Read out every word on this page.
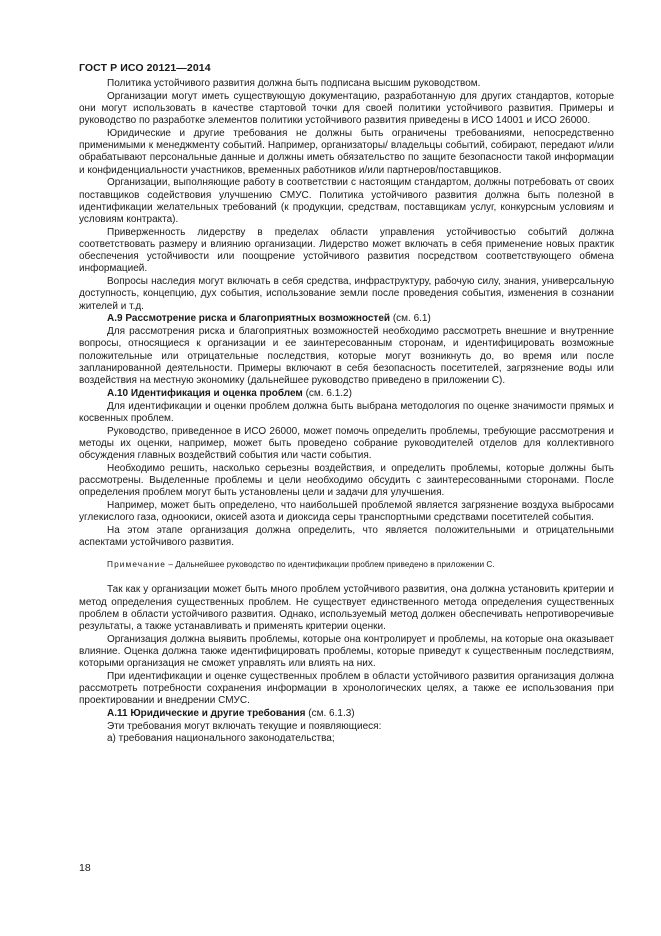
ГОСТ Р ИСО 20121—2014

Политика устойчивого развития должна быть подписана высшим руководством.

Организации могут иметь существующую документацию, разработанную для других стандартов, которые они могут использовать в качестве стартовой точки для своей политики устойчивого развития. Примеры и руководство по разработке элементов политики устойчивого развития приведены в ИСО 14001 и ИСО 26000.

Юридические и другие требования не должны быть ограничены требованиями, непосредственно применимыми к менеджменту событий. Например, организаторы/ владельцы событий, собирают, передают и/или обрабатывают персональные данные и должны иметь обязательство по защите безопасности такой информации и конфиденциальности участников, временных работников и/или партнеров/поставщиков.

Организации, выполняющие работу в соответствии с настоящим стандартом, должны потребовать от своих поставщиков содействовия улучшению СМУС. Политика устойчивого развития должна быть полезной в идентификации желательных требований (к продукции, средствам, поставщикам услуг, конкурсным условиям и условиям контракта).

Приверженность лидерству в пределах области управления устойчивостью событий должна соответствовать размеру и влиянию организации. Лидерство может включать в себя применение новых практик обеспечения устойчивости или поощрение устойчивого развития посредством соответствующего обмена информацией.

Вопросы наследия могут включать в себя средства, инфраструктуру, рабочую силу, знания, универсальную доступность, концепцию, дух события, использование земли после проведения события, изменения в сознании жителей и т.д.

А.9 Рассмотрение риска и благоприятных возможностей (см. 6.1)

Для рассмотрения риска и благоприятных возможностей необходимо рассмотреть внешние и внутренние вопросы, относящиеся к организации и ее заинтересованным сторонам, и идентифицировать возможные положительные или отрицательные последствия, которые могут возникнуть до, во время или после запланированной деятельности. Примеры включают в себя безопасность посетителей, загрязнение воды или воздействия на местную экономику (дальнейшее руководство приведено в приложении С).

А.10 Идентификация и оценка проблем (см. 6.1.2)

Для идентификации и оценки проблем должна быть выбрана методология по оценке значимости прямых и косвенных проблем.

Руководство, приведенное в ИСО 26000, может помочь определить проблемы, требующие рассмотрения и методы их оценки, например, может быть проведено собрание руководителей отделов для коллективного обсуждения главных воздействий события или части события.

Необходимо решить, насколько серьезны воздействия, и определить проблемы, которые должны быть рассмотрены. Выделенные проблемы и цели необходимо обсудить с заинтересованными сторонами. После определения проблем могут быть установлены цели и задачи для улучшения.

Например, может быть определено, что наибольшей проблемой является загрязнение воздуха выбросами углекислого газа, одноокиси, окисей азота и диоксида серы транспортными средствами посетителей события.

На этом этапе организация должна определить, что является положительными и отрицательными аспектами устойчивого развития.

Примечание – Дальнейшее руководство по идентификации проблем приведено в приложении С.

Так как у организации может быть много проблем устойчивого развития, она должна установить критерии и метод определения существенных проблем. Не существует единственного метода определения существенных проблем в области устойчивого развития. Однако, используемый метод должен обеспечивать непротиворечивые результаты, а также устанавливать и применять критерии оценки.

Организация должна выявить проблемы, которые она контролирует и проблемы, на которые она оказывает влияние. Оценка должна также идентифицировать проблемы, которые приведут к существенным последствиям, которыми организация не сможет управлять или влиять на них.

При идентификации и оценке существенных проблем в области устойчивого развития организация должна рассмотреть потребности сохранения информации в хронологических целях, а также ее использования при проектировании и внедрении СМУС.

А.11 Юридические и другие требования (см. 6.1.3)

Эти требования могут включать текущие и появляющиеся:

а) требования национального законодательства;

18
